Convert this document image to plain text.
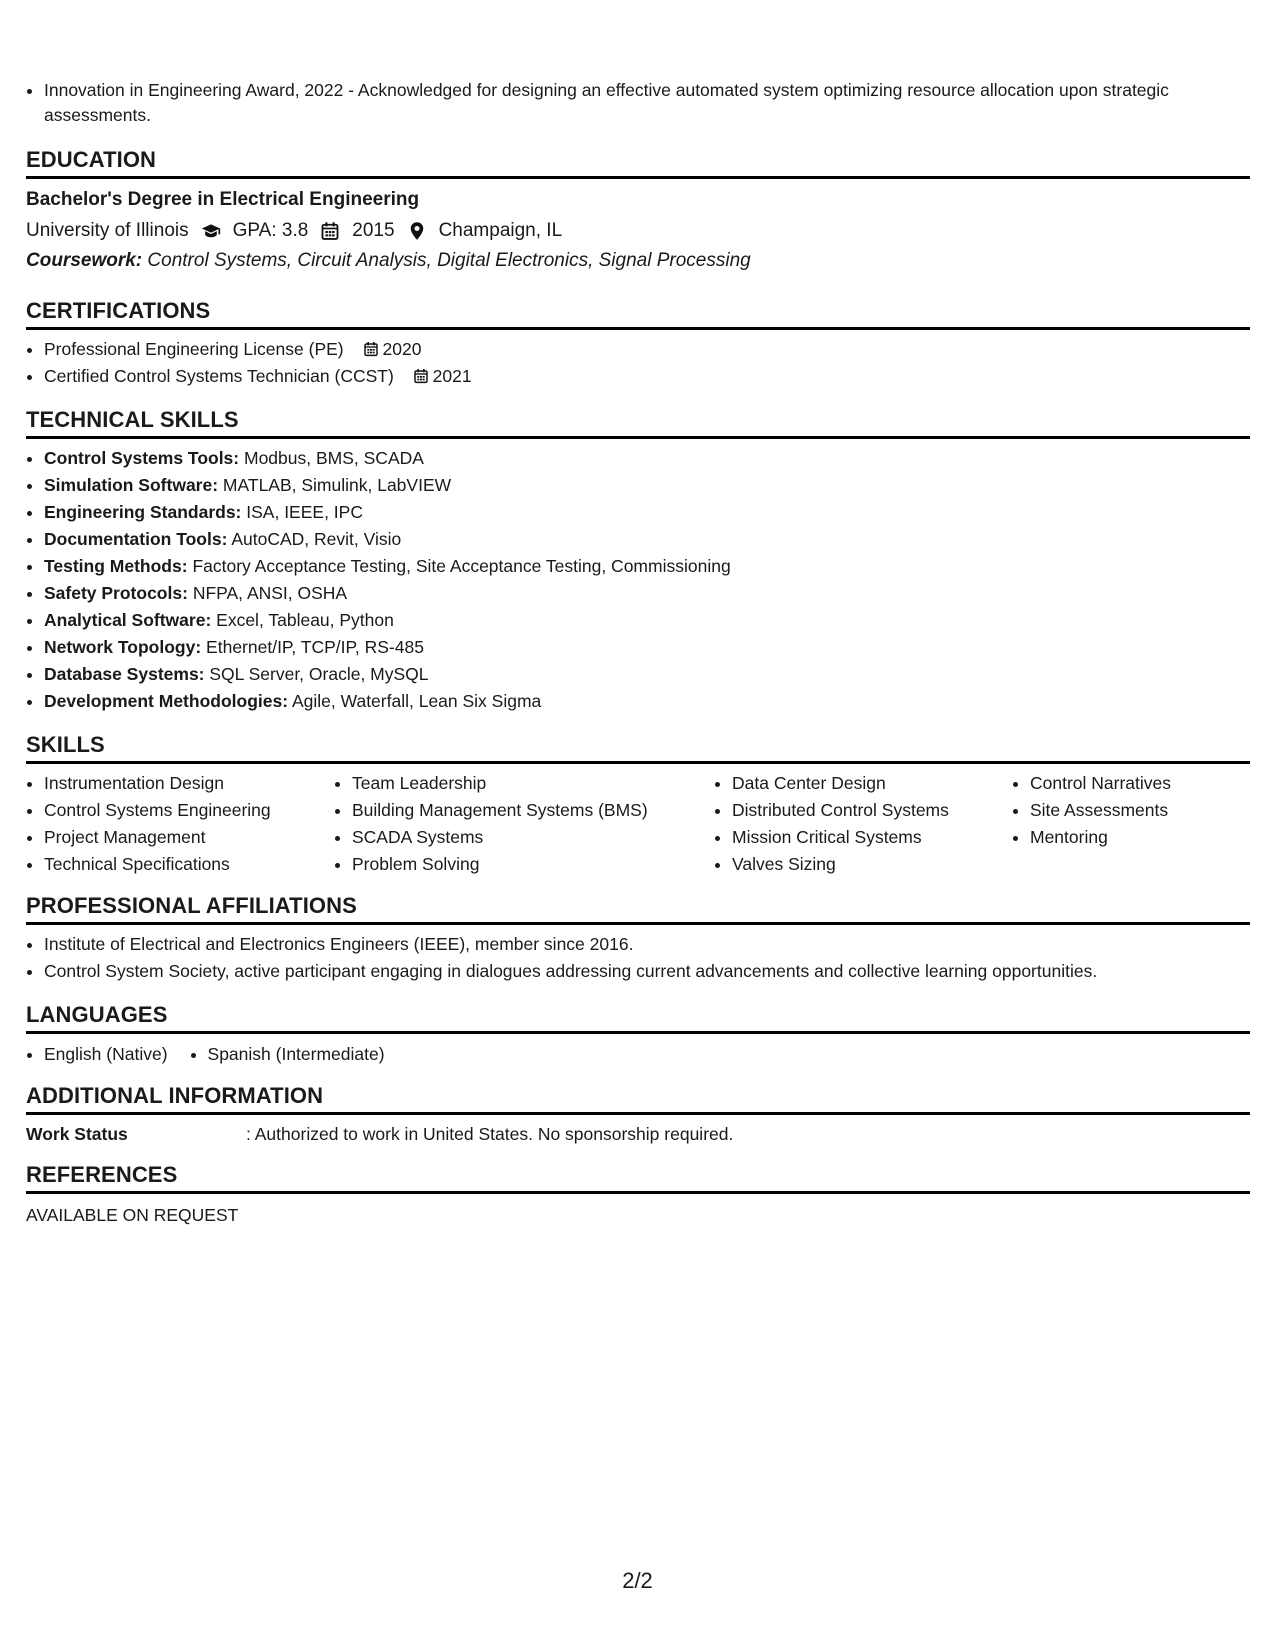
• Innovation in Engineering Award, 2022 - Acknowledged for designing an effective automated system optimizing resource allocation upon strategic assessments.
EDUCATION
Bachelor's Degree in Electrical Engineering
University of Illinois GPA: 3.8 2015 Champaign, IL
Coursework: Control Systems, Circuit Analysis, Digital Electronics, Signal Processing
CERTIFICATIONS
• Professional Engineering License (PE) 2020
• Certified Control Systems Technician (CCST) 2021
TECHNICAL SKILLS
• Control Systems Tools: Modbus, BMS, SCADA
• Simulation Software: MATLAB, Simulink, LabVIEW
• Engineering Standards: ISA, IEEE, IPC
• Documentation Tools: AutoCAD, Revit, Visio
• Testing Methods: Factory Acceptance Testing, Site Acceptance Testing, Commissioning
• Safety Protocols: NFPA, ANSI, OSHA
• Analytical Software: Excel, Tableau, Python
• Network Topology: Ethernet/IP, TCP/IP, RS-485
• Database Systems: SQL Server, Oracle, MySQL
• Development Methodologies: Agile, Waterfall, Lean Six Sigma
SKILLS
• Instrumentation Design
• Control Systems Engineering
• Project Management
• Technical Specifications
• Team Leadership
• Building Management Systems (BMS)
• SCADA Systems
• Problem Solving
• Data Center Design
• Distributed Control Systems
• Mission Critical Systems
• Valves Sizing
• Control Narratives
• Site Assessments
• Mentoring
PROFESSIONAL AFFILIATIONS
• Institute of Electrical and Electronics Engineers (IEEE), member since 2016.
• Control System Society, active participant engaging in dialogues addressing current advancements and collective learning opportunities.
LANGUAGES
• English (Native)
• Spanish (Intermediate)
ADDITIONAL INFORMATION
Work Status	: Authorized to work in United States. No sponsorship required.
REFERENCES
AVAILABLE ON REQUEST
2/2
